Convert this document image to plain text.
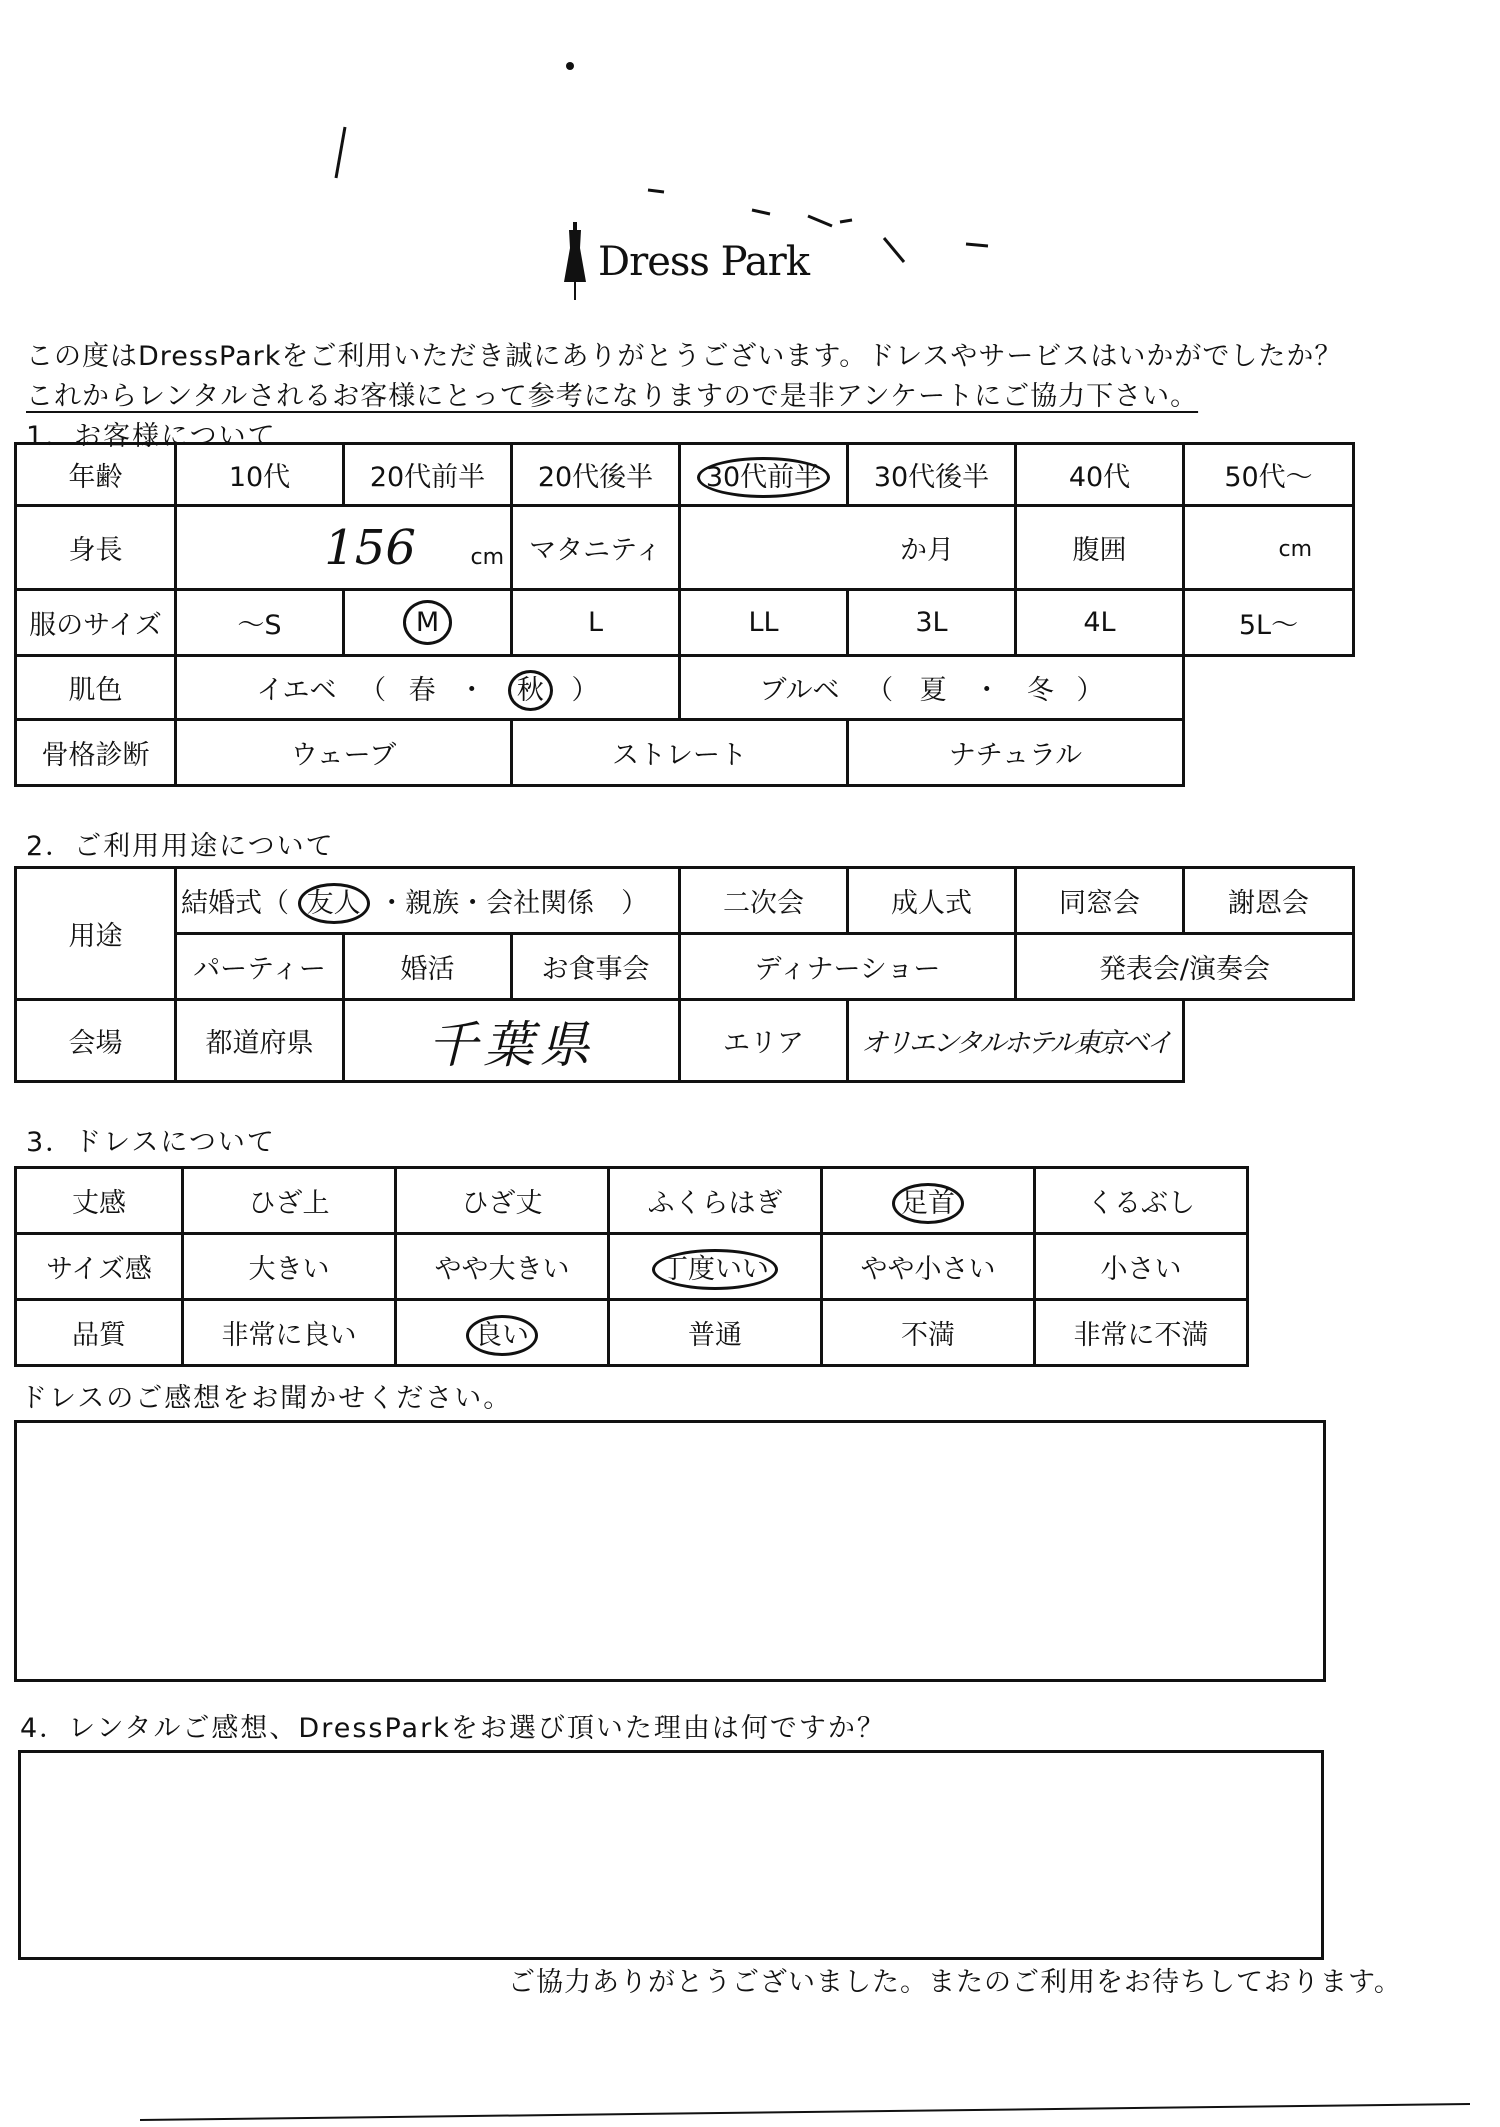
Dress Park
この度はDressParkをご利用いただき誠にありがとうございます。ドレスやサービスはいかがでしたか？
これからレンタルされるお客様にとって参考になりますので是非アンケートにご協力下さい。
1．お客様について
年齢	10代	20代前半	20代後半	30代前半	30代後半	40代	50代～
身長	156 cm		マタニティ	か月		腹囲	cm
服のサイズ	～S	M	L	LL	3L	4L	5L～
肌色	イエベ （ 春 ・ 秋 ）			ブルベ （ 夏 ・ 冬 ）			
骨格診断	ウェーブ		ストレート		ナチュラル		
2．ご利用用途について
用途	結婚式（ 友人 ・親族・会社関係　）			二次会	成人式	同窓会	謝恩会
	パーティー	婚活	お食事会	ディナーショー		発表会/演奏会	
会場	都道府県	千葉県		エリア	オリエンタルホテル東京ベイ		
3．ドレスについて
丈感	ひざ上	ひざ丈	ふくらはぎ	足首	くるぶし
サイズ感	大きい	やや大きい	丁度いい	やや小さい	小さい
品質	非常に良い	良い	普通	不満	非常に不満
ドレスのご感想をお聞かせください。
4．レンタルご感想、DressParkをお選び頂いた理由は何ですか？
ご協力ありがとうございました。またのご利用をお待ちしております。
